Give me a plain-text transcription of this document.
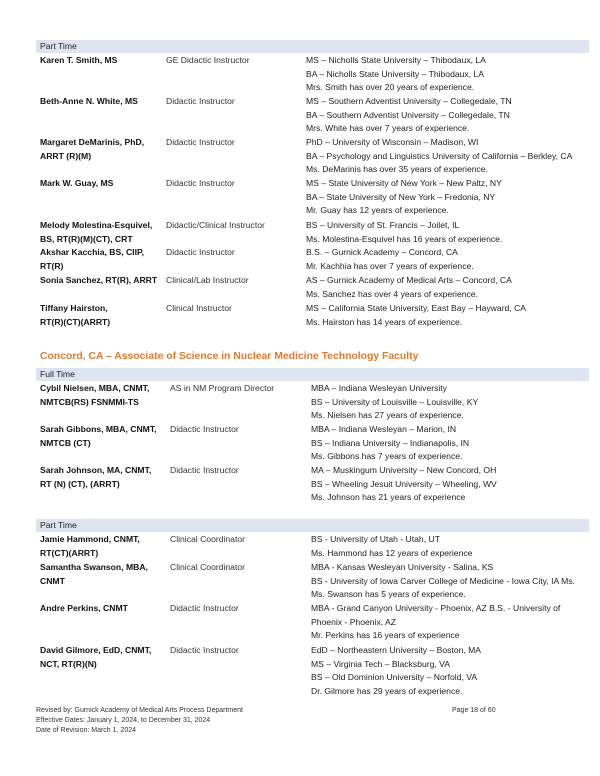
Part Time
Karen T. Smith, MS	GE Didactic Instructor	MS – Nicholls State University – Thibodaux, LA
BA – Nicholls State University – Thibodaux, LA
Mrs. Smith has over 20 years of experience.
Beth-Anne N. White, MS	Didactic Instructor	MS – Southern Adventist University – Collegedale, TN
BA – Southern Adventist University – Collegedale, TN
Mrs. White has over 7 years of experience.
Margaret DeMarinis, PhD,
ARRT (R)(M)
Didactic Instructor	PhD – University of Wisconsin – Madison, WI
BA – Psychology and Linguistics University of California – Berkley, CA
Ms. DeMarinis has over 35 years of experience.
Mark W. Guay, MS	Didactic Instructor	MS – State University of New York – New Paltz, NY
BA – State University of New York – Fredonia, NY
Mr. Guay has 12 years of experience.
Melody Molestina-Esquivel,
BS, RT(R)(M)(CT), CRT
Didactic/Clinical Instructor	BS – University of St. Francis – Joilet, IL
Ms. Molestina-Esquivel has 16 years of experience.
Akshar Kacchia, BS, CIIP,
RT(R)
Didactic Instructor	B.S. – Gurnick Academy – Concord, CA
Mr. Kachhia has over 7 years of experience.
Sonia Sanchez, RT(R), ARRT	Clinical/Lab Instructor	AS – Gurnick Academy of Medical Arts – Concord, CA
Ms. Sanchez has over 4 years of experience.
Tiffany Hairston,
RT(R)(CT)(ARRT)
Clinical Instructor	MS – California State University, East Bay – Hayward, CA
Ms. Hairston has 14 years of experience.
Concord, CA – Associate of Science in Nuclear Medicine Technology Faculty
Full Time
Cybil Nielsen, MBA, CNMT,
NMTCB(RS) FSNMMI-TS
AS in NM Program Director	MBA – Indiana Wesleyan University
BS – University of Louisville – Louisville, KY
Ms. Nielsen has 27 years of experience.
Sarah Gibbons, MBA, CNMT,
NMTCB (CT)
Didactic Instructor	MBA – Indiana Wesleyan – Marion, IN
BS – Indiana University – Indianapolis, IN
Ms. Gibbons has 7 years of experience.
Sarah Johnson, MA, CNMT,
RT (N) (CT), (ARRT)
Didactic Instructor	MA – Muskingum University – New Concord, OH
BS – Wheeling Jesuit University – Wheeling, WV
Ms. Johnson has 21 years of experience
Part Time
Jamie Hammond, CNMT,
RT(CT)(ARRT)
Clinical Coordinator	BS - University of Utah - Utah, UT
Ms. Hammond has 12 years of experience
Samantha Swanson, MBA,
CNMT
Clinical Coordinator	MBA - Kansas Wesleyan University - Salina, KS
BS - University of Iowa Carver College of Medicine - Iowa City, IA Ms.
Ms. Swanson has 5 years of experience.
Andre Perkins, CNMT	Didactic Instructor	MBA - Grand Canyon University - Phoenix, AZ B.S. - University of
Phoenix - Phoenix, AZ
Mr. Perkins has 16 years of experience
David Gilmore, EdD, CNMT,
NCT, RT(R)(N)
Didactic Instructor	EdD – Northeastern University – Boston, MA
MS – Virginia Tech – Blacksburg, VA
BS – Old Dominion University – Norfold, VA
Dr. Gilmore has 29 years of experience.
Revised by: Gurnick Academy of Medical Arts Process Department
Effective Dates: January 1, 2024, to December 31, 2024
Date of Revision: March 1, 2024
Page 18 of 60
